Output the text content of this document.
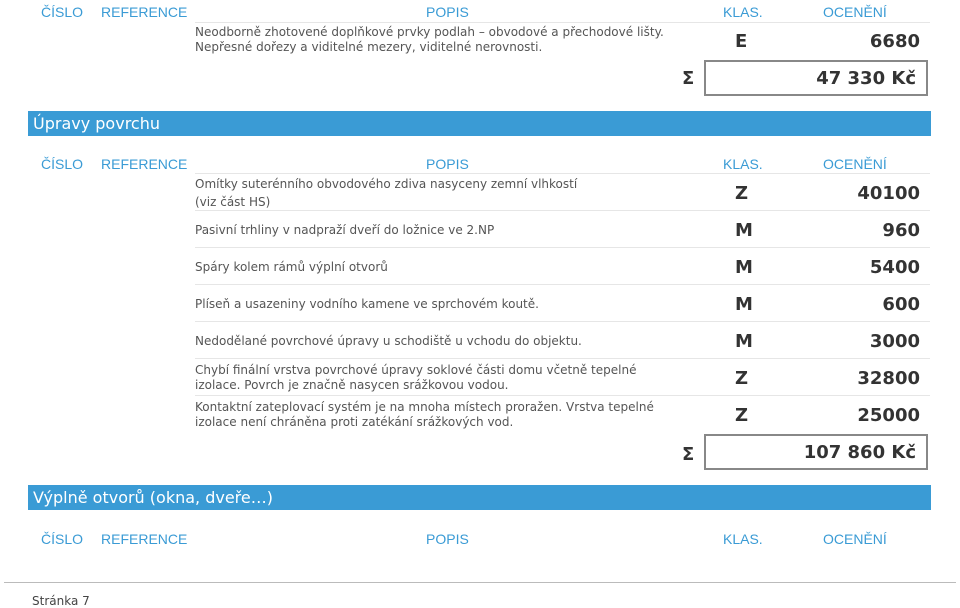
ČÍSLO REFERENCE	POPIS	KLAS.	OCENĚNÍ
Neodborně zhotovené doplňkové prvky podlah – obvodové a přechodové lišty.
Nepřesné dořezy a viditelné mezery, viditelné nerovnosti.	E	6680
Σ	47 330 Kč
Úpravy povrchu
ČÍSLO REFERENCE	POPIS	KLAS.	OCENĚNÍ
Omítky suterénního obvodového zdiva nasyceny zemní vlhkostí
(viz část HS)	Z	40100
Pasivní trhliny v nadpraží dveří do ložnice ve 2.NP	M	960
Spáry kolem rámů výplní otvorů	M	5400
Plíseň a usazeniny vodního kamene ve sprchovém koutě.	M	600
Nedodělané povrchové úpravy u schodiště u vchodu do objektu.	M	3000
Chybí finální vrstva povrchové úpravy soklové části domu včetně tepelné
izolace. Povrch je značně nasycen srážkovou vodou.	Z	32800
Kontaktní zateplovací systém je na mnoha místech proražen. Vrstva tepelné
izolace není chráněna proti zatékání srážkových vod.	Z	25000
Σ	107 860 Kč
Výplně otvorů (okna, dveře…)
ČÍSLO REFERENCE	POPIS	KLAS.	OCENĚNÍ
Stránka 7
